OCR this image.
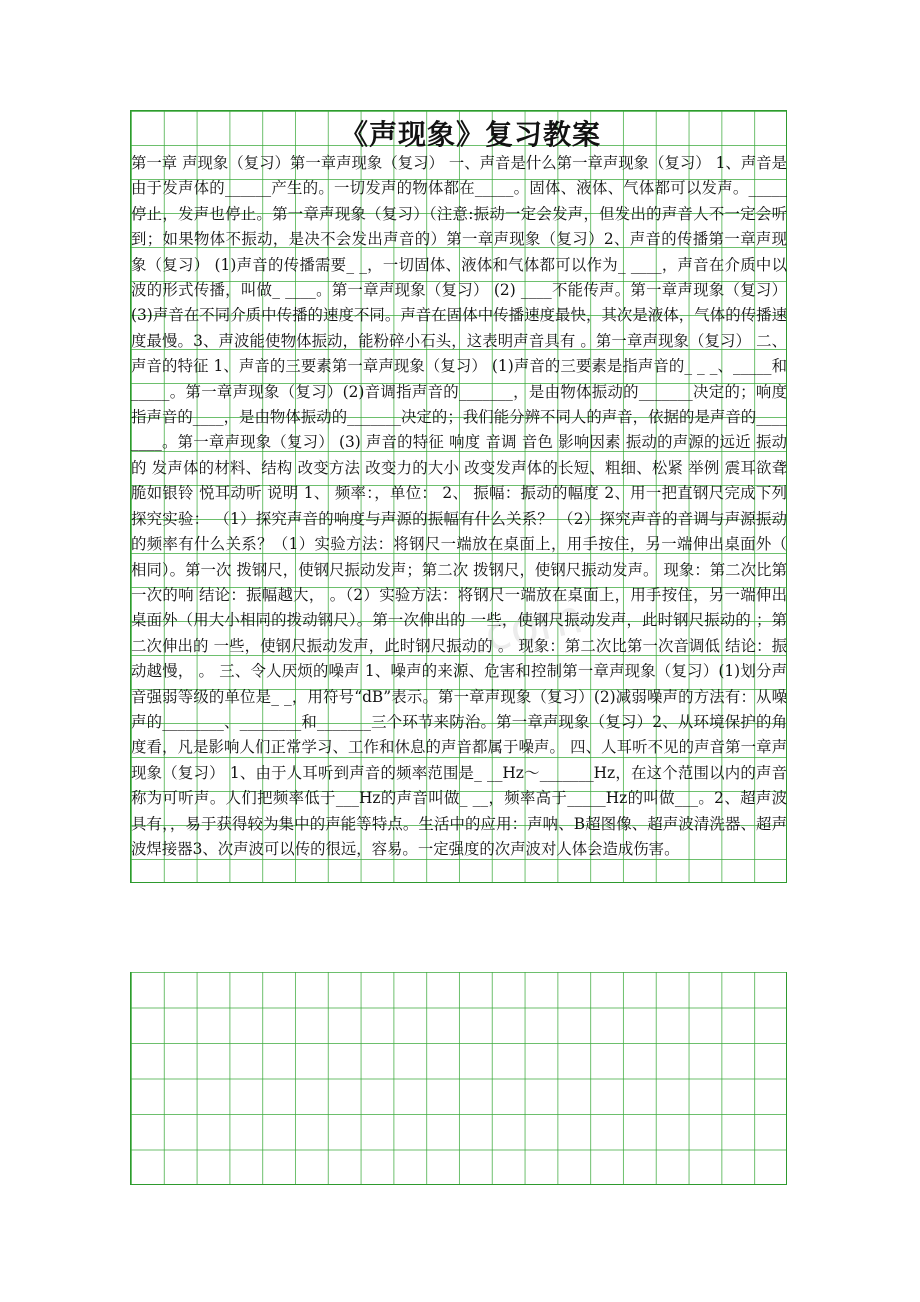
.com
《声现象》复习教案
第一章 声现象（复习）第一章声现象（复习） 一、声音是什么第一章声现象（复习） 1、声音是由于发声体的______产生的。一切发声的物体都在_____。固体、液体、气体都可以发声。_____停止，发声也停止。第一章声现象（复习）（注意:振动一定会发声，但发出的声音人不一定会听到；如果物体不振动，是决不会发出声音的）第一章声现象（复习）2、声音的传播第一章声现象（复习） (1)声音的传播需要_ _，一切固体、液体和气体都可以作为_ ____，声音在介质中以波的形式传播，叫做_ ____。第一章声现象（复习） (2) ____不能传声。第一章声现象（复习）(3)声音在不同介质中传播的速度不同。声音在固体中传播速度最快，其次是液体，气体的传播速度最慢。3、声波能使物体振动，能粉碎小石头，这表明声音具有 。第一章声现象（复习） 二、声音的特征 1、声音的三要素第一章声现象（复习） (1)声音的三要素是指声音的_ _ _、_____和_____。第一章声现象（复习）(2)音调指声音的_______，是由物体振动的_______决定的；响度指声音的____，是由物体振动的_______决定的；我们能分辨不同人的声音，依据的是声音的________。第一章声现象（复习） (3) 声音的特征 响度 音调 音色 影响因素 振动的声源的远近 振动的 发声体的材料、结构 改变方法 改变力的大小 改变发声体的长短、粗细、松紧 举例 震耳欲聋 脆如银铃 悦耳动听 说明 1、 频率：，单位： 2、 振幅：振动的幅度 2、用一把直钢尺完成下列探究实验： （1）探究声音的响度与声源的振幅有什么关系？ （2）探究声音的音调与声源振动的频率有什么关系？（1）实验方法：将钢尺一端放在桌面上，用手按住，另一端伸出桌面外（ 相同）。第一次 拨钢尺，使钢尺振动发声；第二次 拨钢尺，使钢尺振动发声。 现象：第二次比第一次的响 结论：振幅越大， 。（2）实验方法：将钢尺一端放在桌面上，用手按住，另一端伸出桌面外（用大小相同的拨动钢尺）。第一次伸出的 一些，使钢尺振动发声，此时钢尺振动的 ；第二次伸出的 一些，使钢尺振动发声，此时钢尺振动的 。 现象：第二次比第一次音调低 结论：振动越慢， 。 三、令人厌烦的噪声 1、噪声的来源、危害和控制第一章声现象（复习）(1)划分声音强弱等级的单位是_ _，用符号“dB”表示。第一章声现象（复习）(2)减弱噪声的方法有：从噪声的________、________和_______三个环节来防治。第一章声现象（复习）2、从环境保护的角度看，凡是影响人们正常学习、工作和休息的声音都属于噪声。 四、人耳听不见的声音第一章声现象（复习） 1、由于人耳听到声音的频率范围是_ __Hz～_______Hz，在这个范围以内的声音称为可听声。人们把频率低于___Hz的声音叫做_ __，频率高于_____Hz的叫做___。2、超声波具有，，易于获得较为集中的声能等特点。生活中的应用：声呐、B超图像、超声波清洗器、超声波焊接器3、次声波可以传的很远，容易。一定强度的次声波对人体会造成伤害。
